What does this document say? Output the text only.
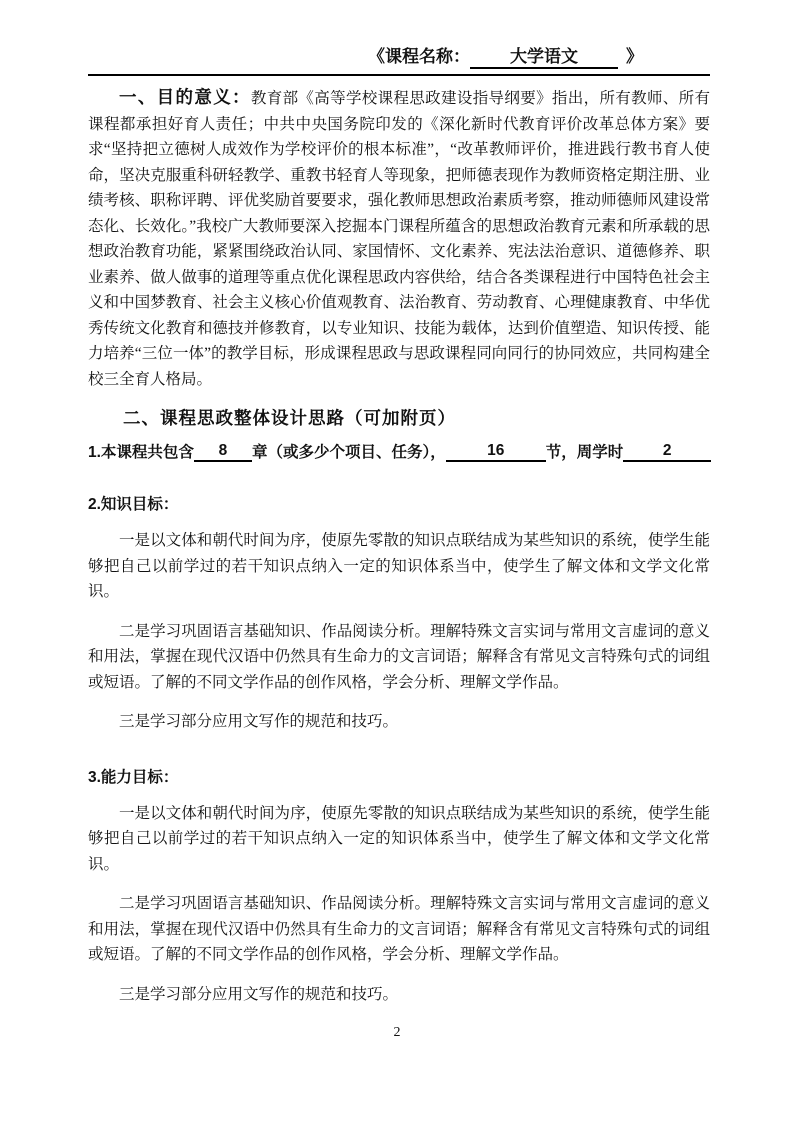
《课程名称： 大学语文	》

一、目的意义：教育部《高等学校课程思政建设指导纲要》指出，所有教师、所有课程都承担好育人责任；中共中央国务院印发的《深化新时代教育评价改革总体方案》要求“坚持把立德树人成效作为学校评价的根本标准”，“改革教师评价，推进践行教书育人使命，坚决克服重科研轻教学、重教书轻育人等现象，把师德表现作为教师资格定期注册、业绩考核、职称评聘、评优奖励首要要求，强化教师思想政治素质考察，推动师德师风建设常态化、长效化。”我校广大教师要深入挖掘本门课程所蕴含的思想政治教育元素和所承载的思想政治教育功能，紧紧围绕政治认同、家国情怀、文化素养、宪法法治意识、道德修养、职业素养、做人做事的道理等重点优化课程思政内容供给，结合各类课程进行中国特色社会主义和中国梦教育、社会主义核心价值观教育、法治教育、劳动教育、心理健康教育、中华优秀传统文化教育和德技并修教育，以专业知识、技能为载体，达到价值塑造、知识传授、能力培养“三位一体”的教学目标，形成课程思政与思政课程同向同行的协同效应，共同构建全校三全育人格局。

二、课程思政整体设计思路（可加附页）

1.本课程共包含 8 章（或多少个项目、任务），	16	节，周学时	2

2.知识目标：

一是以文体和朝代时间为序，使原先零散的知识点联结成为某些知识的系统，使学生能够把自己以前学过的若干知识点纳入一定的知识体系当中，使学生了解文体和文学文化常识。

二是学习巩固语言基础知识、作品阅读分析。理解特殊文言实词与常用文言虚词的意义和用法，掌握在现代汉语中仍然具有生命力的文言词语；解释含有常见文言特殊句式的词组或短语。了解的不同文学作品的创作风格，学会分析、理解文学作品。

三是学习部分应用文写作的规范和技巧。

3.能力目标：

一是以文体和朝代时间为序，使原先零散的知识点联结成为某些知识的系统，使学生能够把自己以前学过的若干知识点纳入一定的知识体系当中，使学生了解文体和文学文化常识。

二是学习巩固语言基础知识、作品阅读分析。理解特殊文言实词与常用文言虚词的意义和用法，掌握在现代汉语中仍然具有生命力的文言词语；解释含有常见文言特殊句式的词组或短语。了解的不同文学作品的创作风格，学会分析、理解文学作品。

三是学习部分应用文写作的规范和技巧。

2
